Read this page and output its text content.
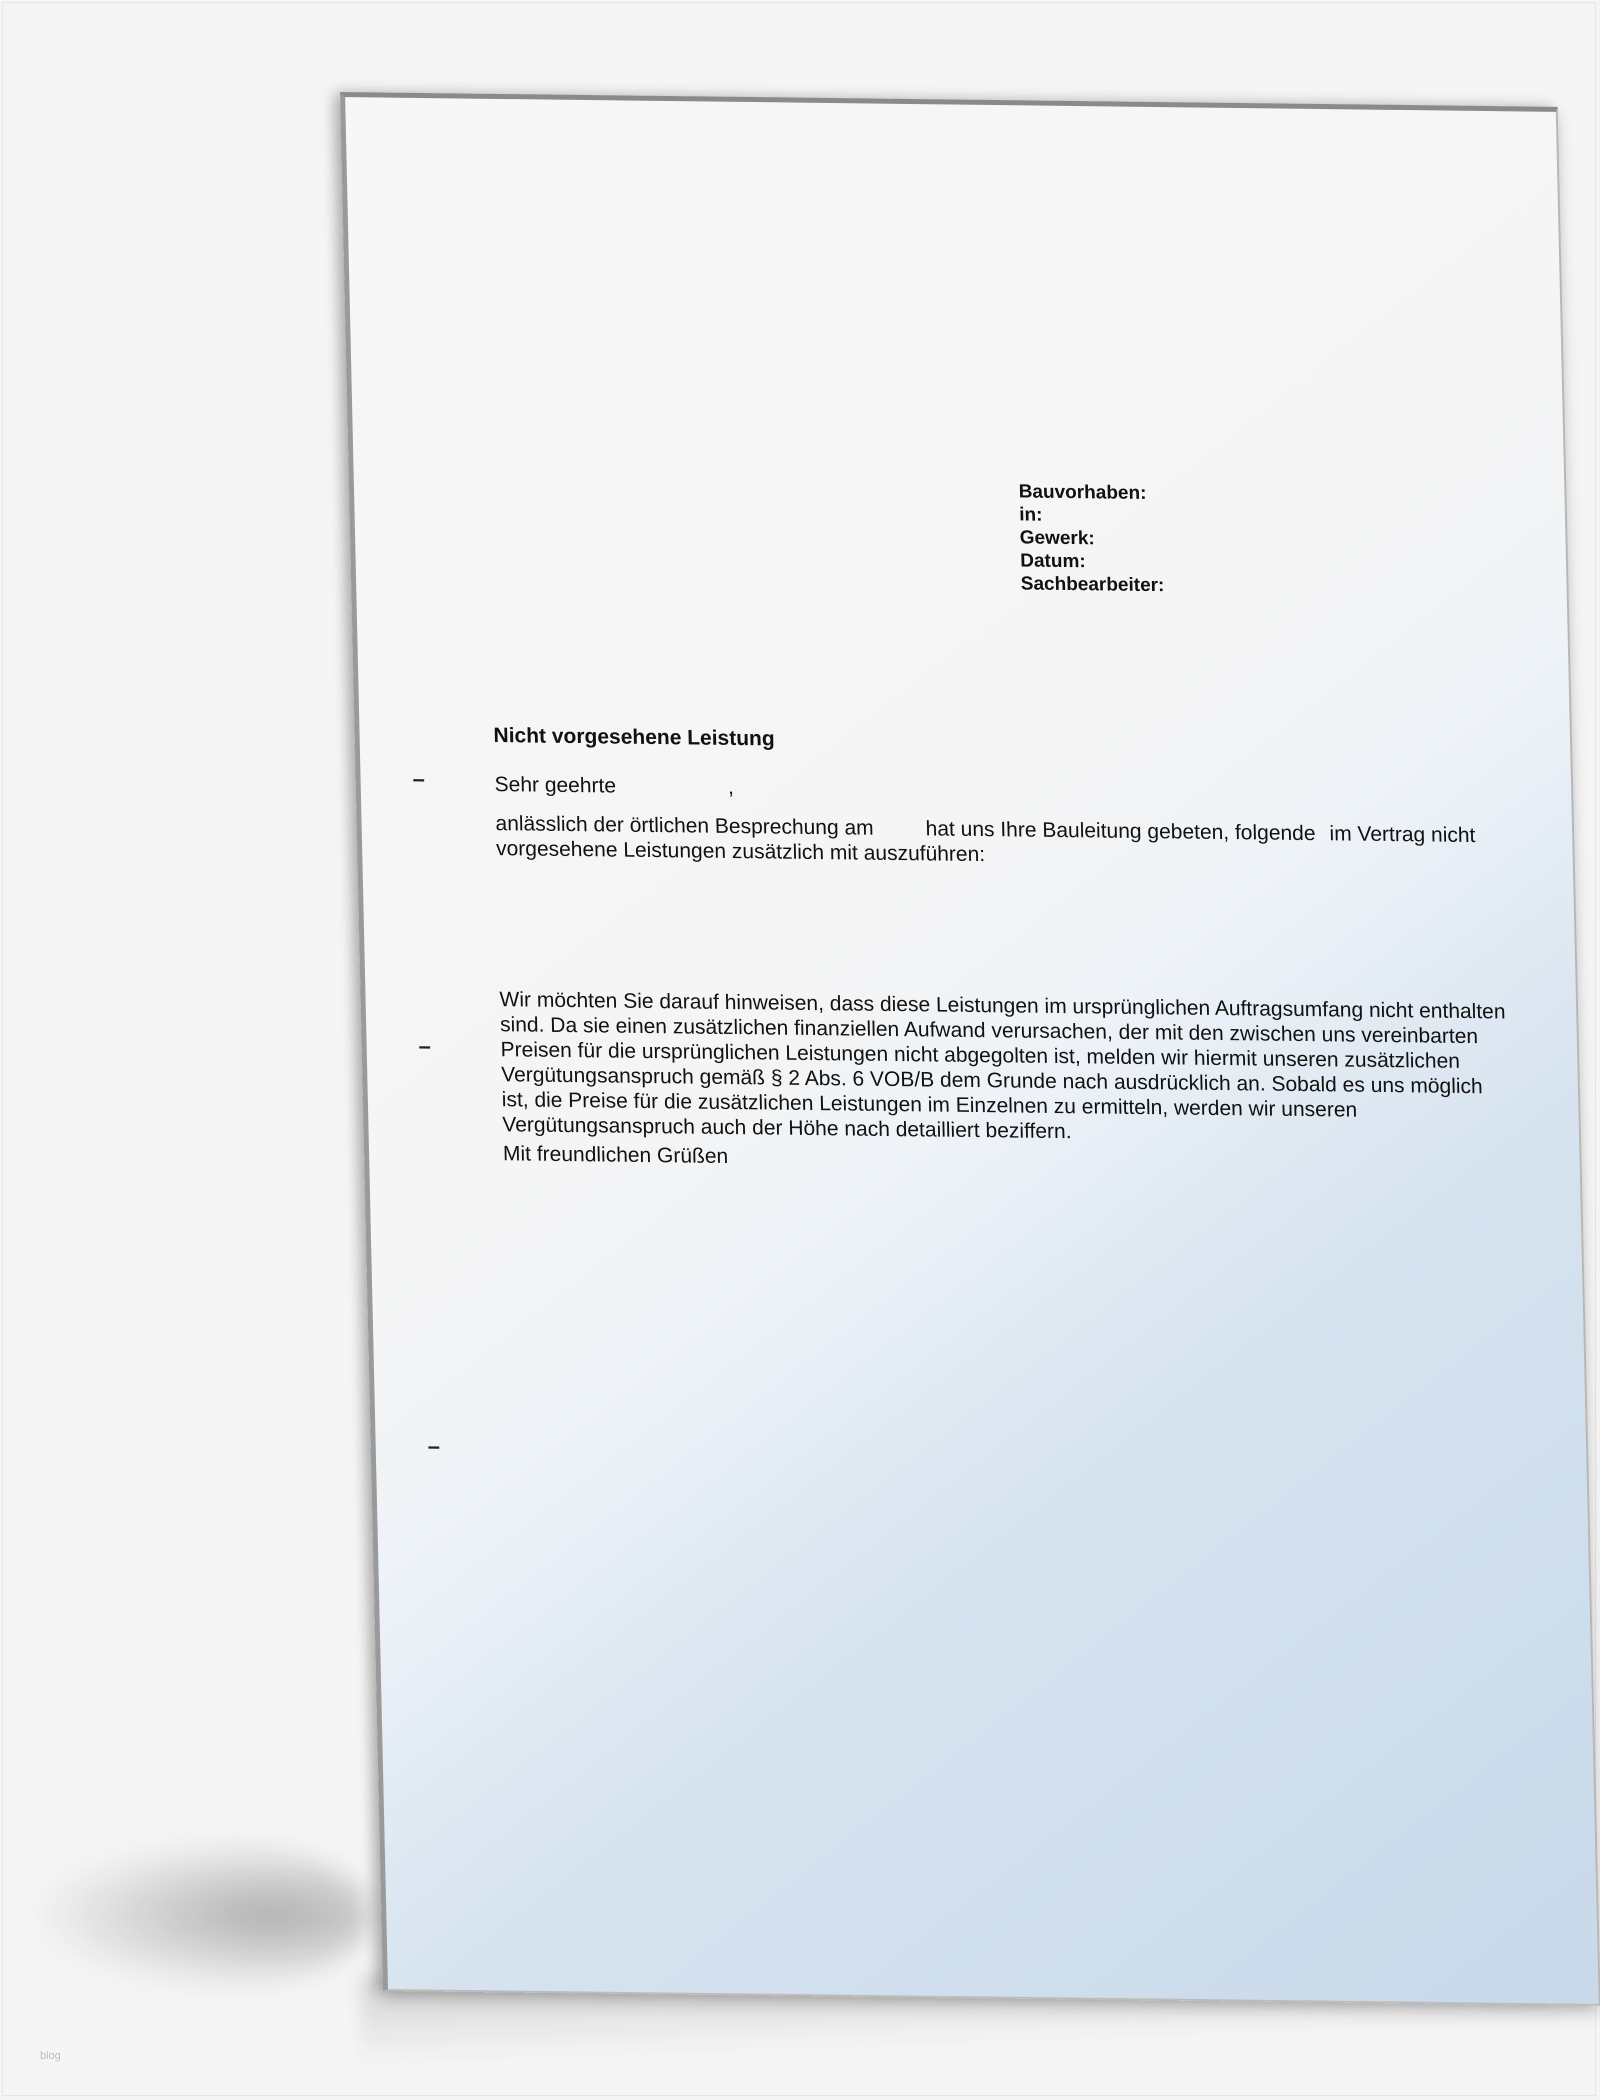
Bauvorhaben:
in:
Gewerk:
Datum:
Sachbearbeiter:
–
–
–
Nicht vorgesehene Leistung
Sehr geehrte	,
anlässlich der örtlichen Besprechung am hat uns Ihre Bauleitung gebeten, folgende im Vertrag nicht
vorgesehene Leistungen zusätzlich mit auszuführen:
Wir möchten Sie darauf hinweisen, dass diese Leistungen im ursprünglichen Auftragsumfang nicht enthalten
sind. Da sie einen zusätzlichen finanziellen Aufwand verursachen, der mit den zwischen uns vereinbarten
Preisen für die ursprünglichen Leistungen nicht abgegolten ist, melden wir hiermit unseren zusätzlichen
Vergütungsanspruch gemäß § 2 Abs. 6 VOB/B dem Grunde nach ausdrücklich an. Sobald es uns möglich
ist, die Preise für die zusätzlichen Leistungen im Einzelnen zu ermitteln, werden wir unseren
Vergütungsanspruch auch der Höhe nach detailliert beziffern.
Mit freundlichen Grüßen
blog
